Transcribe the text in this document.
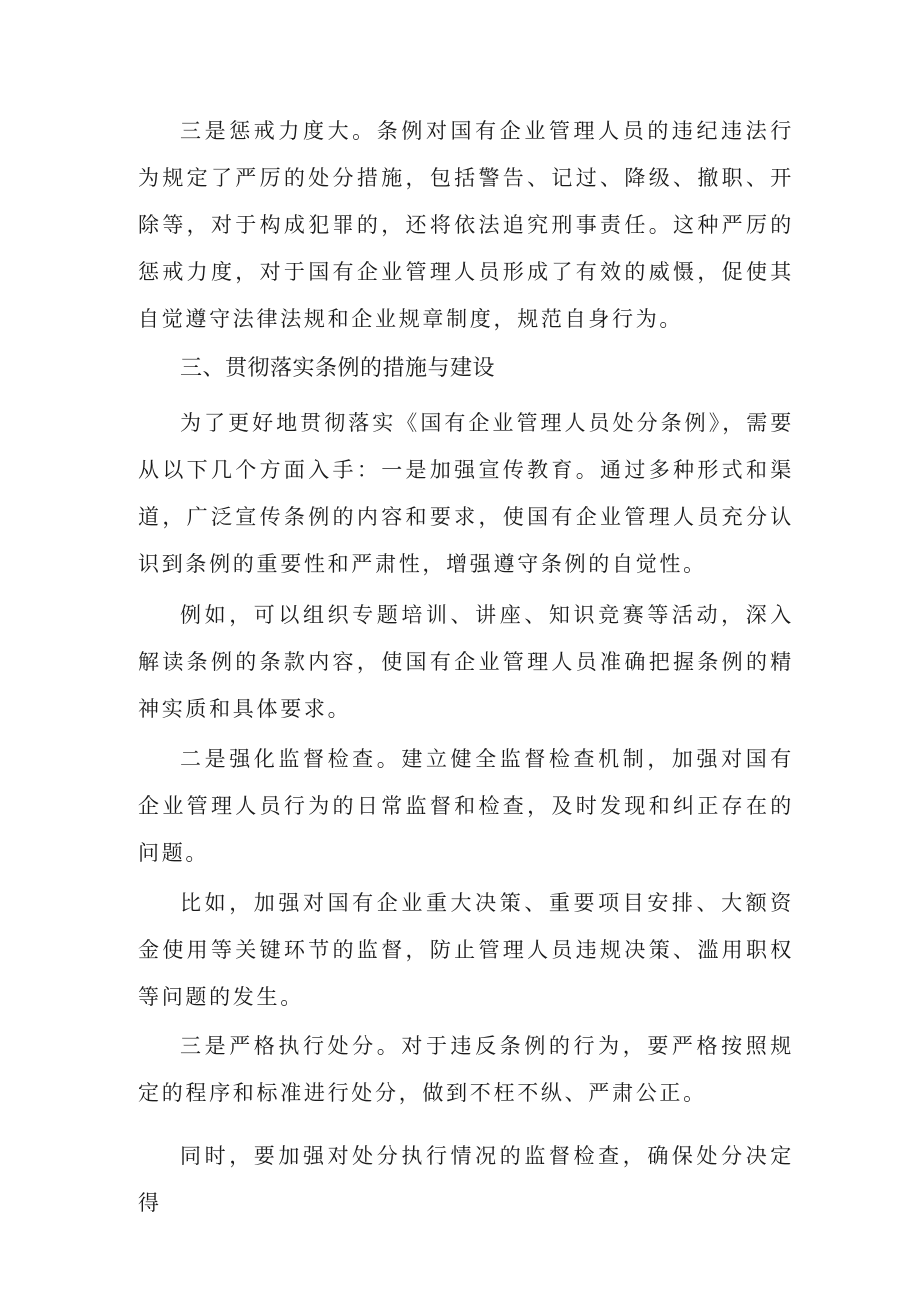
三是惩戒力度大。条例对国有企业管理人员的违纪违法行为规定了严厉的处分措施，包括警告、记过、降级、撤职、开除等，对于构成犯罪的，还将依法追究刑事责任。这种严厉的惩戒力度，对于国有企业管理人员形成了有效的威慑，促使其自觉遵守法律法规和企业规章制度，规范自身行为。

三、贯彻落实条例的措施与建设

为了更好地贯彻落实《国有企业管理人员处分条例》，需要从以下几个方面入手：一是加强宣传教育。通过多种形式和渠道，广泛宣传条例的内容和要求，使国有企业管理人员充分认识到条例的重要性和严肃性，增强遵守条例的自觉性。

例如，可以组织专题培训、讲座、知识竞赛等活动，深入解读条例的条款内容，使国有企业管理人员准确把握条例的精神实质和具体要求。

二是强化监督检查。建立健全监督检查机制，加强对国有企业管理人员行为的日常监督和检查，及时发现和纠正存在的问题。

比如，加强对国有企业重大决策、重要项目安排、大额资金使用等关键环节的监督，防止管理人员违规决策、滥用职权等问题的发生。

三是严格执行处分。对于违反条例的行为，要严格按照规定的程序和标准进行处分，做到不枉不纵、严肃公正。

同时，要加强对处分执行情况的监督检查，确保处分决定得
